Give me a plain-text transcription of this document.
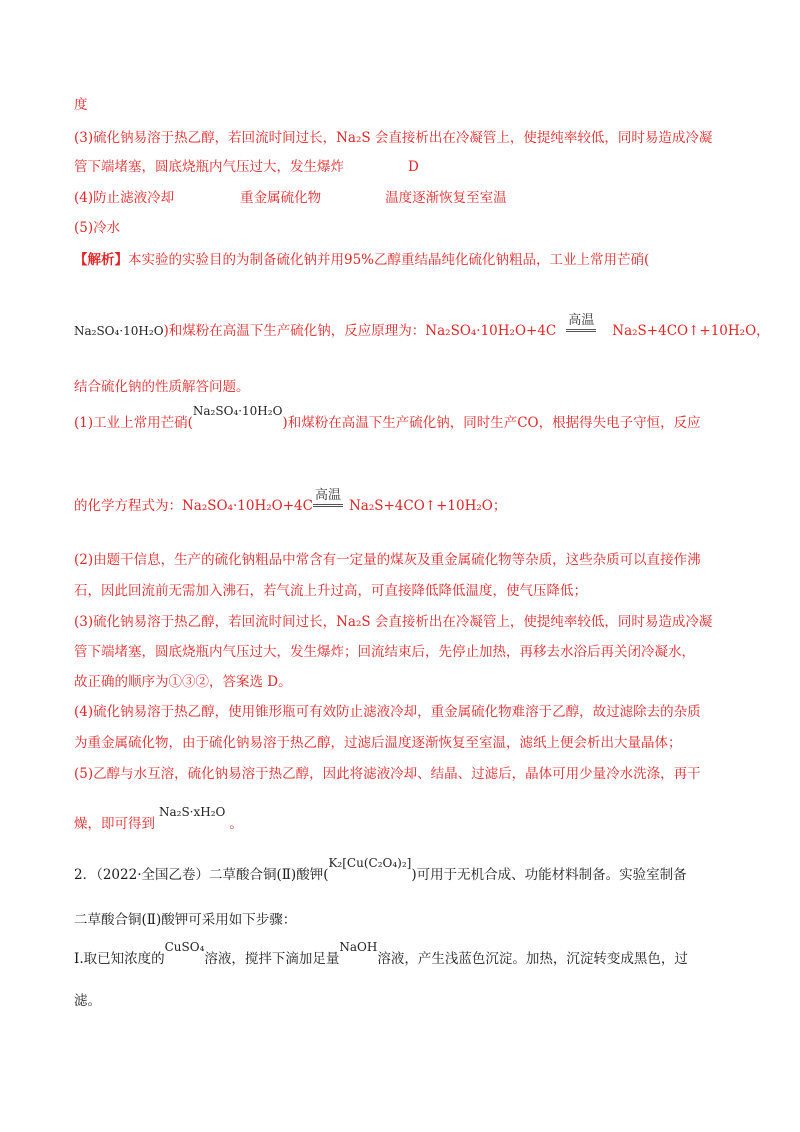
度
(3)硫化钠易溶于热乙醇，若回流时间过长，Na₂S 会直接析出在冷凝管上，使提纯率较低，同时易造成冷凝
管下端堵塞，圆底烧瓶内气压过大，发生爆炸	D
(4)防止滤液冷却	重金属硫化物	温度逐渐恢复至室温
(5)冷水
【解析】本实验的实验目的为制备硫化钠并用95%乙醇重结晶纯化硫化钠粗品，工业上常用芒硝(
Na₂SO₄·10H₂O)和煤粉在高温下生产硫化钠，反应原理为：Na₂SO₄·10H₂O+4C
高温
Na₂S+4CO↑+10H₂O，
结合硫化钠的性质解答问题。
(1)工业上常用芒硝(Na₂SO₄·10H₂O)和煤粉在高温下生产硫化钠，同时生产CO，根据得失电子守恒，反应
的化学方程式为：Na₂SO₄·10H₂O+4C
高温
Na₂S+4CO↑+10H₂O；
(2)由题干信息，生产的硫化钠粗品中常含有一定量的煤灰及重金属硫化物等杂质，这些杂质可以直接作沸
石，因此回流前无需加入沸石，若气流上升过高，可直接降低降低温度，使气压降低；
(3)硫化钠易溶于热乙醇，若回流时间过长，Na₂S 会直接析出在冷凝管上，使提纯率较低，同时易造成冷凝
管下端堵塞，圆底烧瓶内气压过大，发生爆炸；回流结束后，先停止加热，再移去水浴后再关闭冷凝水，
故正确的顺序为①③②，答案选 D。
(4)硫化钠易溶于热乙醇，使用锥形瓶可有效防止滤液冷却，重金属硫化物难溶于乙醇，故过滤除去的杂质
为重金属硫化物，由于硫化钠易溶于热乙醇，过滤后温度逐渐恢复至室温，滤纸上便会析出大量晶体；
(5)乙醇与水互溶，硫化钠易溶于热乙醇，因此将滤液冷却、结晶、过滤后，晶体可用少量冷水洗涤，再干
燥，即可得到Na₂S·xH₂O。
2．（2022·全国乙卷）二草酸合铜(Ⅱ)酸钾(K₂[Cu(C₂O₄)₂])可用于无机合成、功能材料制备。实验室制备
二草酸合铜(Ⅱ)酸钾可采用如下步骤：
Ⅰ.取已知浓度的CuSO₄溶液，搅拌下滴加足量NaOH溶液，产生浅蓝色沉淀。加热，沉淀转变成黑色，过
滤。
